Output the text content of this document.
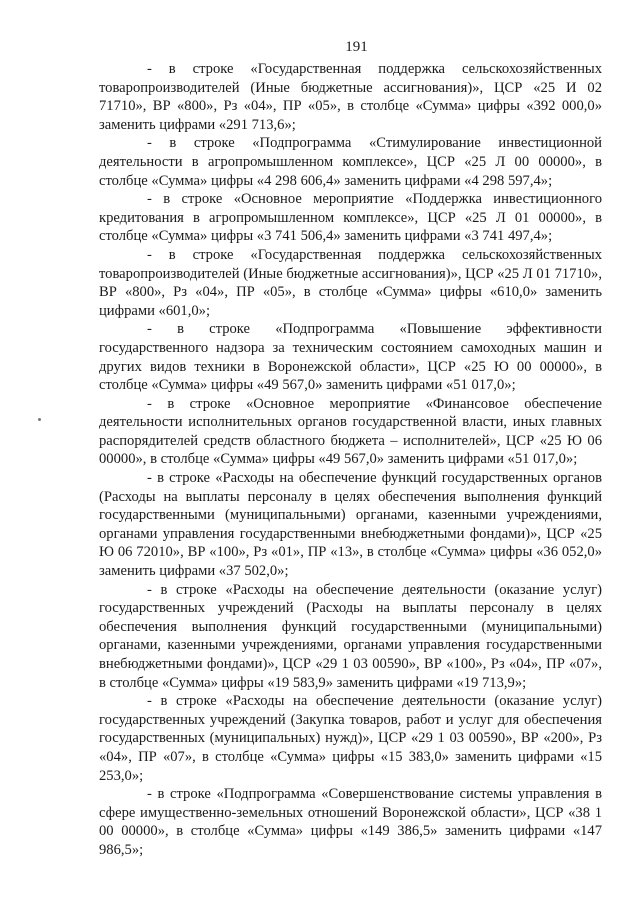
191

- в строке «Государственная поддержка сельскохозяйственных товаропроизводителей (Иные бюджетные ассигнования)», ЦСР «25 И 02 71710», ВР «800», Рз «04», ПР «05», в столбце «Сумма» цифры «392 000,0» заменить цифрами «291 713,6»;

- в строке «Подпрограмма «Стимулирование инвестиционной деятельности в агропромышленном комплексе», ЦСР «25 Л 00 00000», в столбце «Сумма» цифры «4 298 606,4» заменить цифрами «4 298 597,4»;

- в строке «Основное мероприятие «Поддержка инвестиционного кредитования в агропромышленном комплексе», ЦСР «25 Л 01 00000», в столбце «Сумма» цифры «3 741 506,4» заменить цифрами «3 741 497,4»;

- в строке «Государственная поддержка сельскохозяйственных товаропроизводителей (Иные бюджетные ассигнования)», ЦСР «25 Л 01 71710», ВР «800», Рз «04», ПР «05», в столбце «Сумма» цифры «610,0» заменить цифрами «601,0»;

- в строке «Подпрограмма «Повышение эффективности государственного надзора за техническим состоянием самоходных машин и других видов техники в Воронежской области», ЦСР «25 Ю 00 00000», в столбце «Сумма» цифры «49 567,0» заменить цифрами «51 017,0»;

- в строке «Основное мероприятие «Финансовое обеспечение деятельности исполнительных органов государственной власти, иных главных распорядителей средств областного бюджета – исполнителей», ЦСР «25 Ю 06 00000», в столбце «Сумма» цифры «49 567,0» заменить цифрами «51 017,0»;

- в строке «Расходы на обеспечение функций государственных органов (Расходы на выплаты персоналу в целях обеспечения выполнения функций государственными (муниципальными) органами, казенными учреждениями, органами управления государственными внебюджетными фондами)», ЦСР «25 Ю 06 72010», ВР «100», Рз «01», ПР «13», в столбце «Сумма» цифры «36 052,0» заменить цифрами «37 502,0»;

- в строке «Расходы на обеспечение деятельности (оказание услуг) государственных учреждений (Расходы на выплаты персоналу в целях обеспечения выполнения функций государственными (муниципальными) органами, казенными учреждениями, органами управления государственными внебюджетными фондами)», ЦСР «29 1 03 00590», ВР «100», Рз «04», ПР «07», в столбце «Сумма» цифры «19 583,9» заменить цифрами «19 713,9»;

- в строке «Расходы на обеспечение деятельности (оказание услуг) государственных учреждений (Закупка товаров, работ и услуг для обеспечения государственных (муниципальных) нужд)», ЦСР «29 1 03 00590», ВР «200», Рз «04», ПР «07», в столбце «Сумма» цифры «15 383,0» заменить цифрами «15 253,0»;

- в строке «Подпрограмма «Совершенствование системы управления в сфере имущественно-земельных отношений Воронежской области», ЦСР «38 1 00 00000», в столбце «Сумма» цифры «149 386,5» заменить цифрами «147 986,5»;
